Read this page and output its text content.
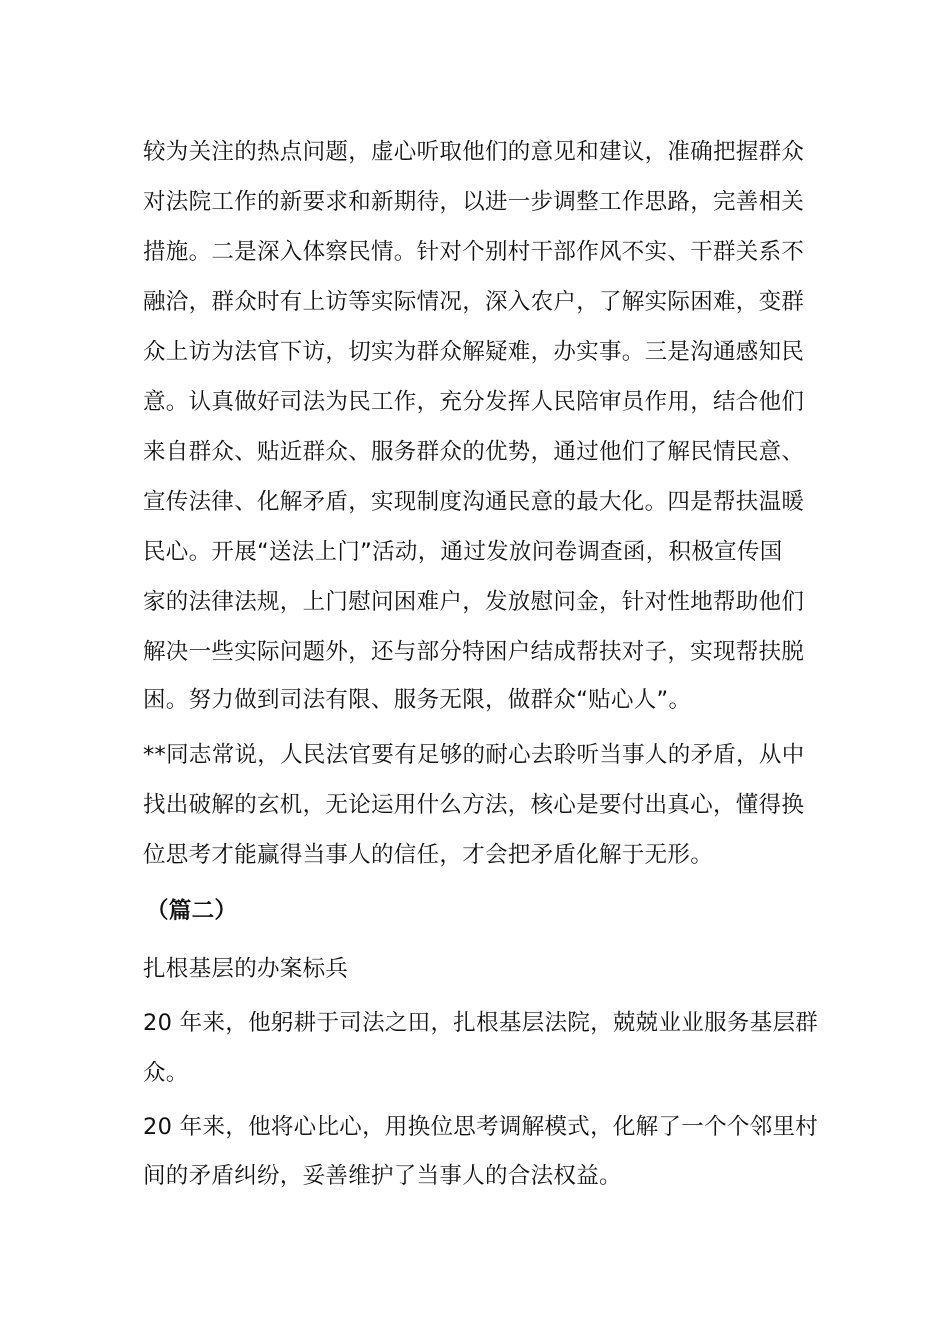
较为关注的热点问题，虚心听取他们的意见和建议，准确把握群众
对法院工作的新要求和新期待，以进一步调整工作思路，完善相关
措施。二是深入体察民情。针对个别村干部作风不实、干群关系不
融洽，群众时有上访等实际情况，深入农户，了解实际困难，变群
众上访为法官下访，切实为群众解疑难，办实事。三是沟通感知民
意。认真做好司法为民工作，充分发挥人民陪审员作用，结合他们
来自群众、贴近群众、服务群众的优势，通过他们了解民情民意、
宣传法律、化解矛盾，实现制度沟通民意的最大化。四是帮扶温暖
民心。开展“送法上门”活动，通过发放问卷调查函，积极宣传国
家的法律法规，上门慰问困难户，发放慰问金，针对性地帮助他们
解决一些实际问题外，还与部分特困户结成帮扶对子，实现帮扶脱
困。努力做到司法有限、服务无限，做群众“贴心人”。
**同志常说，人民法官要有足够的耐心去聆听当事人的矛盾，从中
找出破解的玄机，无论运用什么方法，核心是要付出真心，懂得换
位思考才能赢得当事人的信任，才会把矛盾化解于无形。
（篇二）
扎根基层的办案标兵
20 年来，他躬耕于司法之田，扎根基层法院，兢兢业业服务基层群
众。
20 年来，他将心比心，用换位思考调解模式，化解了一个个邻里村
间的矛盾纠纷，妥善维护了当事人的合法权益。
